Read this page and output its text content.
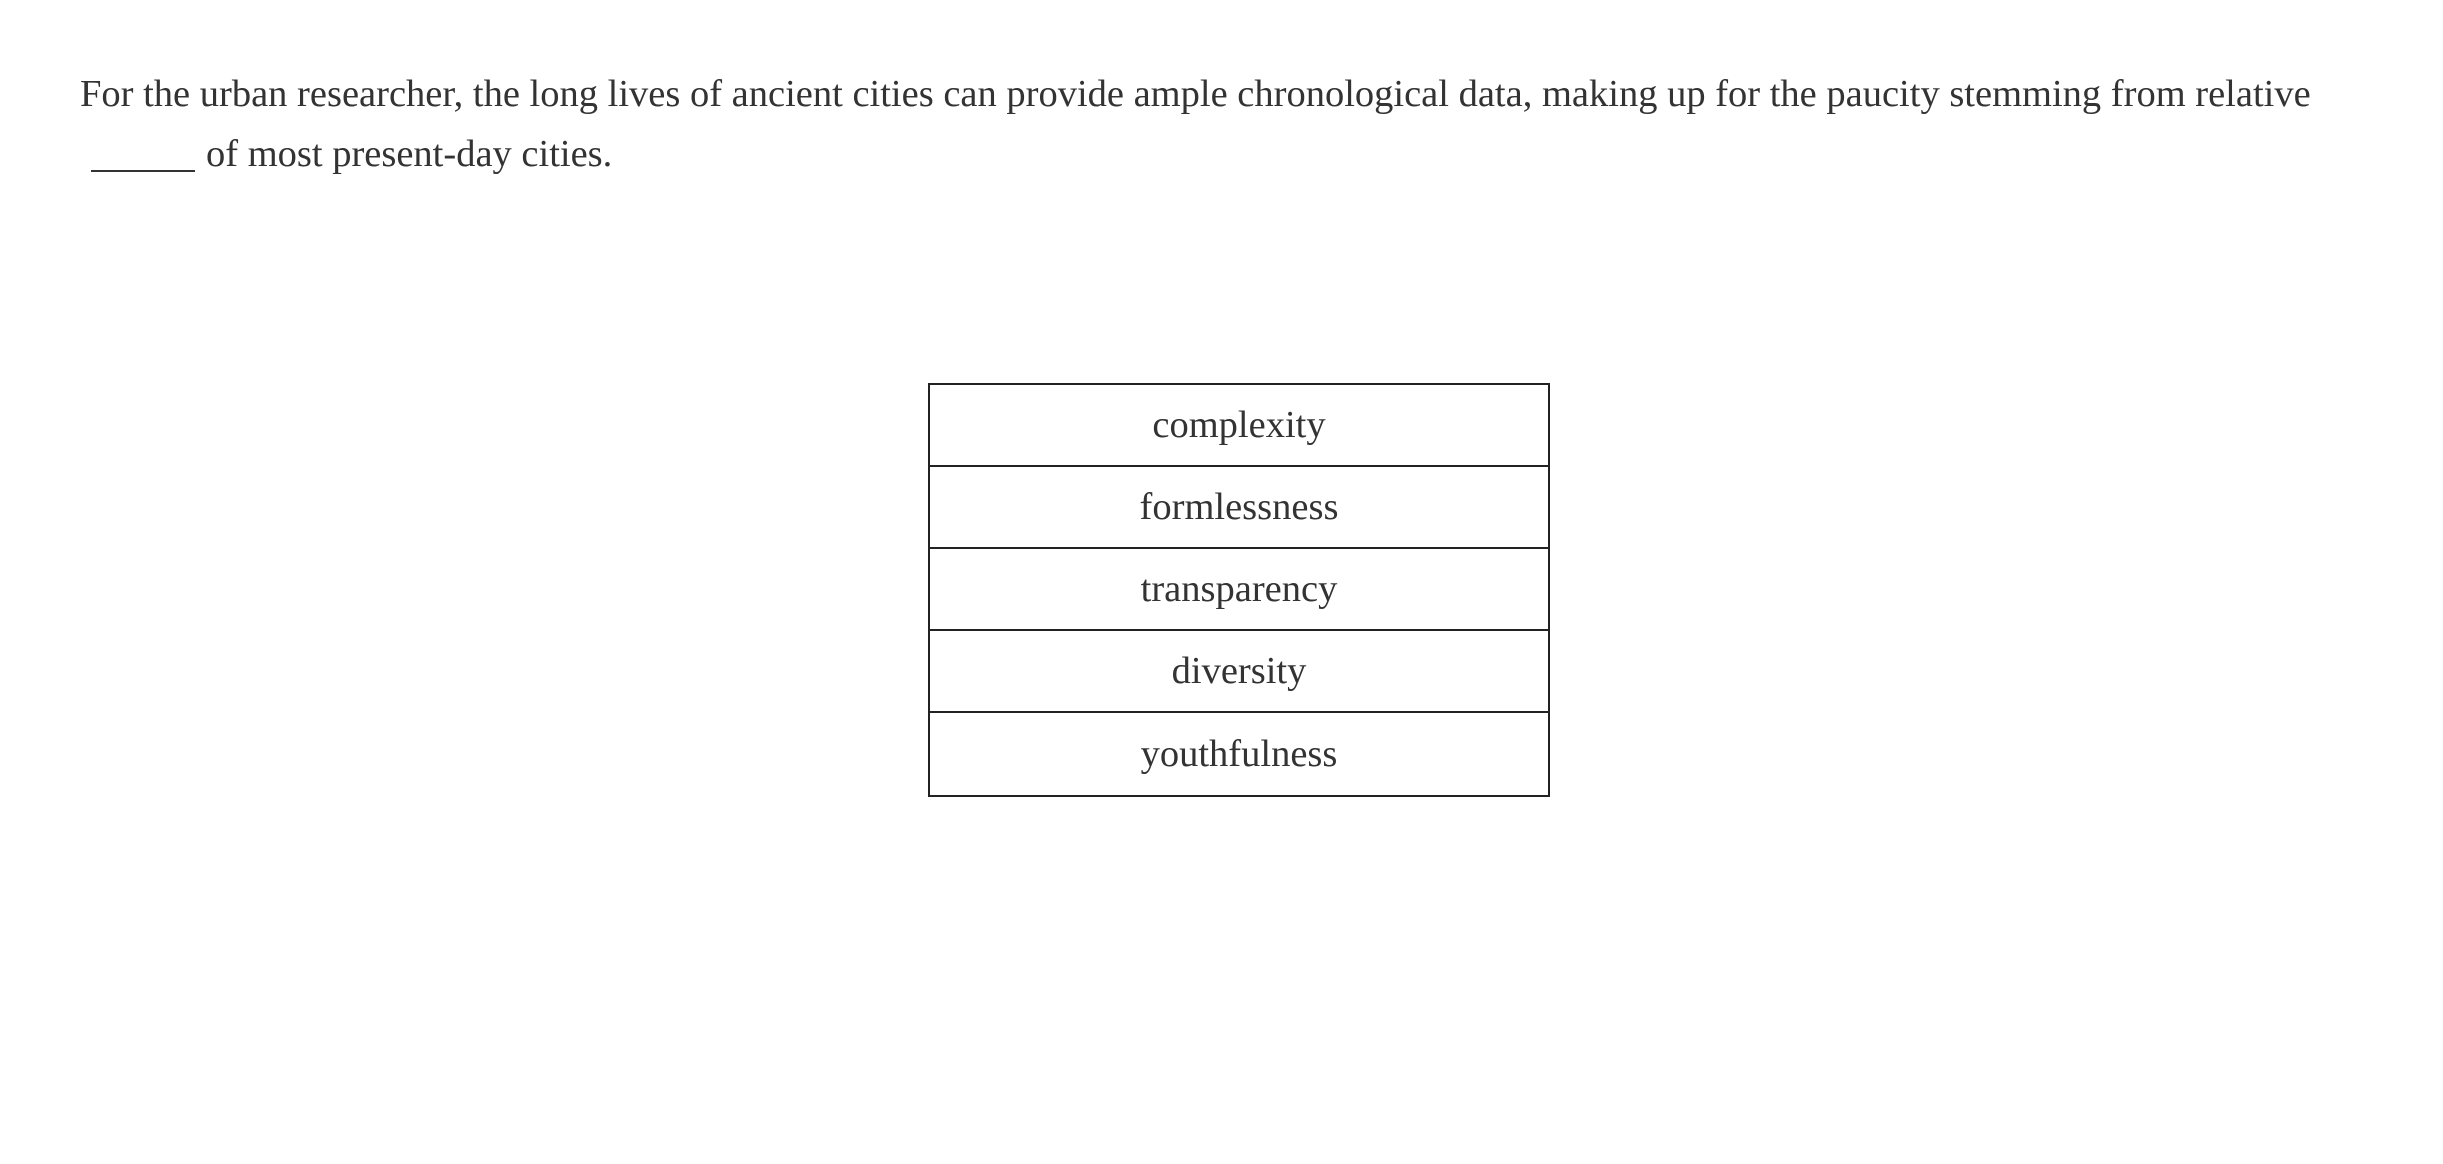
For the urban researcher, the long lives of ancient cities can provide ample chronological data, making up for the paucity stemming from relativeof most present-day cities.

complexity
formlessness
transparency
diversity
youthfulness
